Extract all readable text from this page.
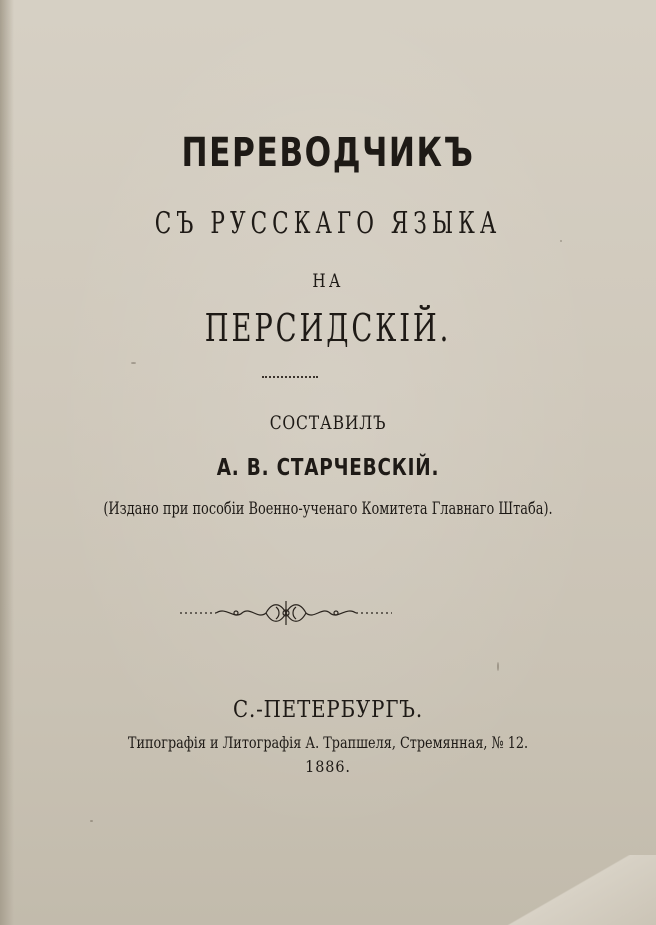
ПЕРЕВОДЧИКЪ
СЪ РУССКАГО ЯЗЫКА
НА
ПЕРСИДСКІЙ.
СОСТАВИЛЪ
А. В. СТАРЧЕВСКІЙ.
(Издано при пособіи Военно-ученаго Комитета Главнаго Штаба).
С.-ПЕТЕРБУРГЪ.
Типографія и Литографія А. Трапшеля, Стремянная, № 12.
1886.
